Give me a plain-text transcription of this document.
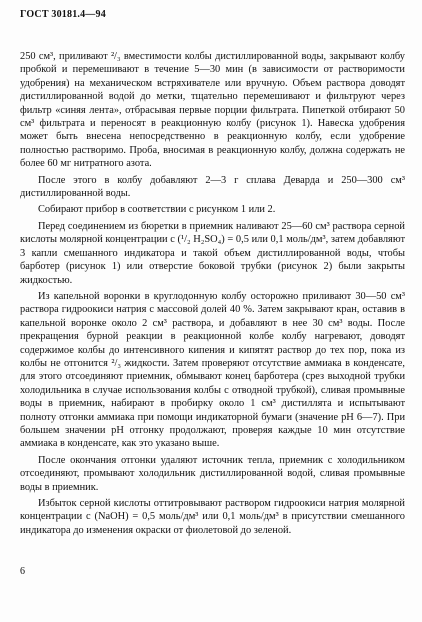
ГОСТ 30181.4—94

250 см³, приливают ²/₃ вместимости колбы дистиллированной воды, закрывают колбу пробкой и перемешивают в течение 5—30 мин (в зависимости от растворимости удобрения) на механическом встряхивателе или вручную. Объем раствора доводят дистиллированной водой до метки, тщательно перемешивают и фильтруют через фильтр «синяя лента», отбрасывая первые порции фильтрата. Пипеткой отбирают 50 см³ фильтрата и переносят в реакционную колбу (рисунок 1). Навеска удобрения может быть внесена непосредственно в реакционную колбу, если удобрение полностью растворимо. Проба, вносимая в реакционную колбу, должна содержать не более 60 мг нитратного азота.

После этого в колбу добавляют 2—3 г сплава Деварда и 250—300 см³ дистиллированной воды.

Собирают прибор в соответствии с рисунком 1 или 2.

Перед соединением из бюретки в приемник наливают 25—60 см³ раствора серной кислоты молярной концентрации c (¹/₂ H₂SO₄) = 0,5 или 0,1 моль/дм³, затем добавляют 3 капли смешанного индикатора и такой объем дистиллированной воды, чтобы барботер (рисунок 1) или отверстие боковой трубки (рисунок 2) были закрыты жидкостью.

Из капельной воронки в круглодонную колбу осторожно приливают 30—50 см³ раствора гидроокиси натрия с массовой долей 40 %. Затем закрывают кран, оставив в капельной воронке около 2 см³ раствора, и добавляют в нее 30 см³ воды. После прекращения бурной реакции в реакционной колбе колбу нагревают, доводят содержимое колбы до интенсивного кипения и кипятят раствор до тех пор, пока из колбы не отгонится ²/₃ жидкости. Затем проверяют отсутствие аммиака в конденсате, для этого отсоединяют приемник, обмывают конец барботера (срез выходной трубки холодильника в случае использования колбы с отводной трубкой), сливая промывные воды в приемник, набирают в пробирку около 1 см³ дистиллята и испытывают полноту отгонки аммиака при помощи индикаторной бумаги (значение pH 6—7). При большем значении pH отгонку продолжают, проверяя каждые 10 мин отсутствие аммиака в конденсате, как это указано выше.

После окончания отгонки удаляют источник тепла, приемник с холодильником отсоединяют, промывают холодильник дистиллированной водой, сливая промывные воды в приемник.

Избыток серной кислоты оттитровывают раствором гидроокиси натрия молярной концентрации c (NaOH) = 0,5 моль/дм³ или 0,1 моль/дм³ в присутствии смешанного индикатора до изменения окраски от фиолетовой до зеленой.

6
